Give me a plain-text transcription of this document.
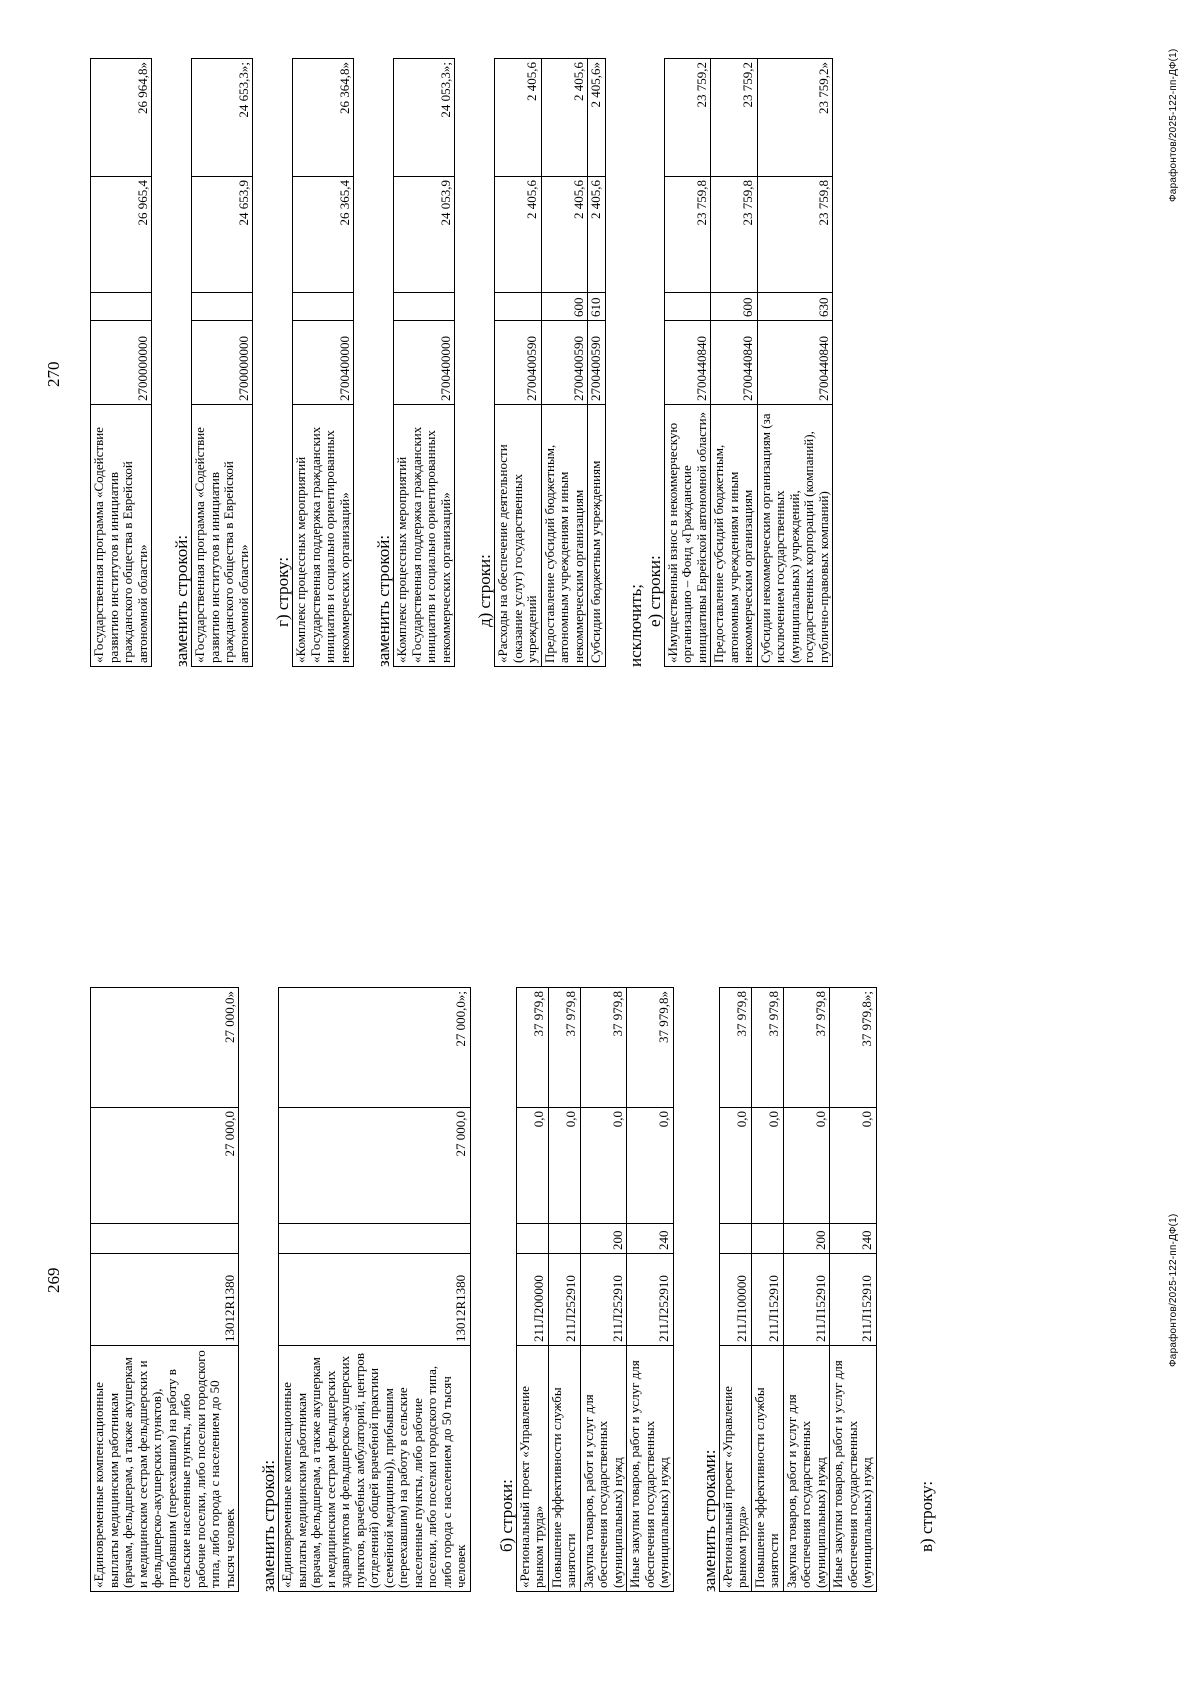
269
«Единовременные компенсационные выплаты медицинским работникам (врачам, фельдшерам, а также акушеркам и медицинским сестрам фельдшерских и фельдшерско-акушерских пунктов), прибывшим (переехавшим) на работу в сельские населенные пункты, либо рабочие поселки, либо поселки городского типа, либо города с населением до 50 тысяч человек	13012R1380		27 000,0	27 000,0»

заменить строкой: «Единовременные компенсационные выплаты медицинским работникам (врачам, фельдшерам, а также акушеркам и медицинским сестрам фельдшерских здравпунктов и фельдшерско-акушерских пунктов, врачебных амбулаторий, центров (отделений) общей врачебной практики (семейной медицины)), прибывшим (переехавшим) на работу в сельские населенные пункты, либо рабочие поселки, либо поселки городского типа, либо города с населением до 50 тысяч человек	13012R1380		27 000,0	27 000,0»;

б) строки: «Региональный проект «Управление рынком труда»	211Л200000		0,0	37 979,8
Повышение эффективности службы занятости	211Л252910		0,0	37 979,8
Закупка товаров, работ и услуг для обеспечения государственных (муниципальных) нужд	211Л252910	200	0,0	37 979,8
Иные закупки товаров, работ и услуг для обеспечения государственных (муниципальных) нужд	211Л252910	240	0,0	37 979,8»

заменить строками: «Региональный проект «Управление рынком труда»	211Л100000		0,0	37 979,8
Повышение эффективности службы занятости	211Л152910		0,0	37 979,8
Закупка товаров, работ и услуг для обеспечения государственных (муниципальных) нужд	211Л152910	200	0,0	37 979,8
Иные закупки товаров, работ и услуг для обеспечения государственных (муниципальных) нужд	211Л152910	240	0,0	37 979,8»;

в) строку:

Фарафонтов/2025-122-пп-ДФ(1)
270
«Государственная программа «Содействие развитию институтов и инициатив гражданского общества в Еврейской автономной области»	2700000000		26 965,4	26 964,8»

заменить строкой: «Государственная программа «Содействие развитию институтов и инициатив гражданского общества в Еврейской автономной области»	2700000000		24 653,9	24 653,3»;

г) строку: «Комплекс процессных мероприятий «Государственная поддержка гражданских инициатив и социально ориентированных некоммерческих организаций»	2700400000		26 365,4	26 364,8»

заменить строкой: «Комплекс процессных мероприятий «Государственная поддержка гражданских инициатив и социально ориентированных некоммерческих организаций»	2700400000		24 053,9	24 053,3»;

д) строки: «Расходы на обеспечение деятельности (оказание услуг) государственных учреждений	2700400590		2 405,6	2 405,6
Предоставление субсидий бюджетным, автономным учреждениям и иным некоммерческим организациям	2700400590	600	2 405,6	2 405,6
Субсидии бюджетным учреждениям	2700400590	610	2 405,6	2 405,6»

исключить; е) строки: «Имущественный взнос в некоммерческую организацию – Фонд «Гражданские инициативы Еврейской автономной области»	2700440840		23 759,8	23 759,2
Предоставление субсидий бюджетным, автономным учреждениям и иным некоммерческим организациям	2700440840	600	23 759,8	23 759,2
Субсидии некоммерческим организациям (за исключением государственных (муниципальных) учреждений, государственных корпораций (компаний), публично-правовых компаний)	2700440840	630	23 759,8	23 759,2»	Фарафонтов/2025-122-пп-ДФ(1)
